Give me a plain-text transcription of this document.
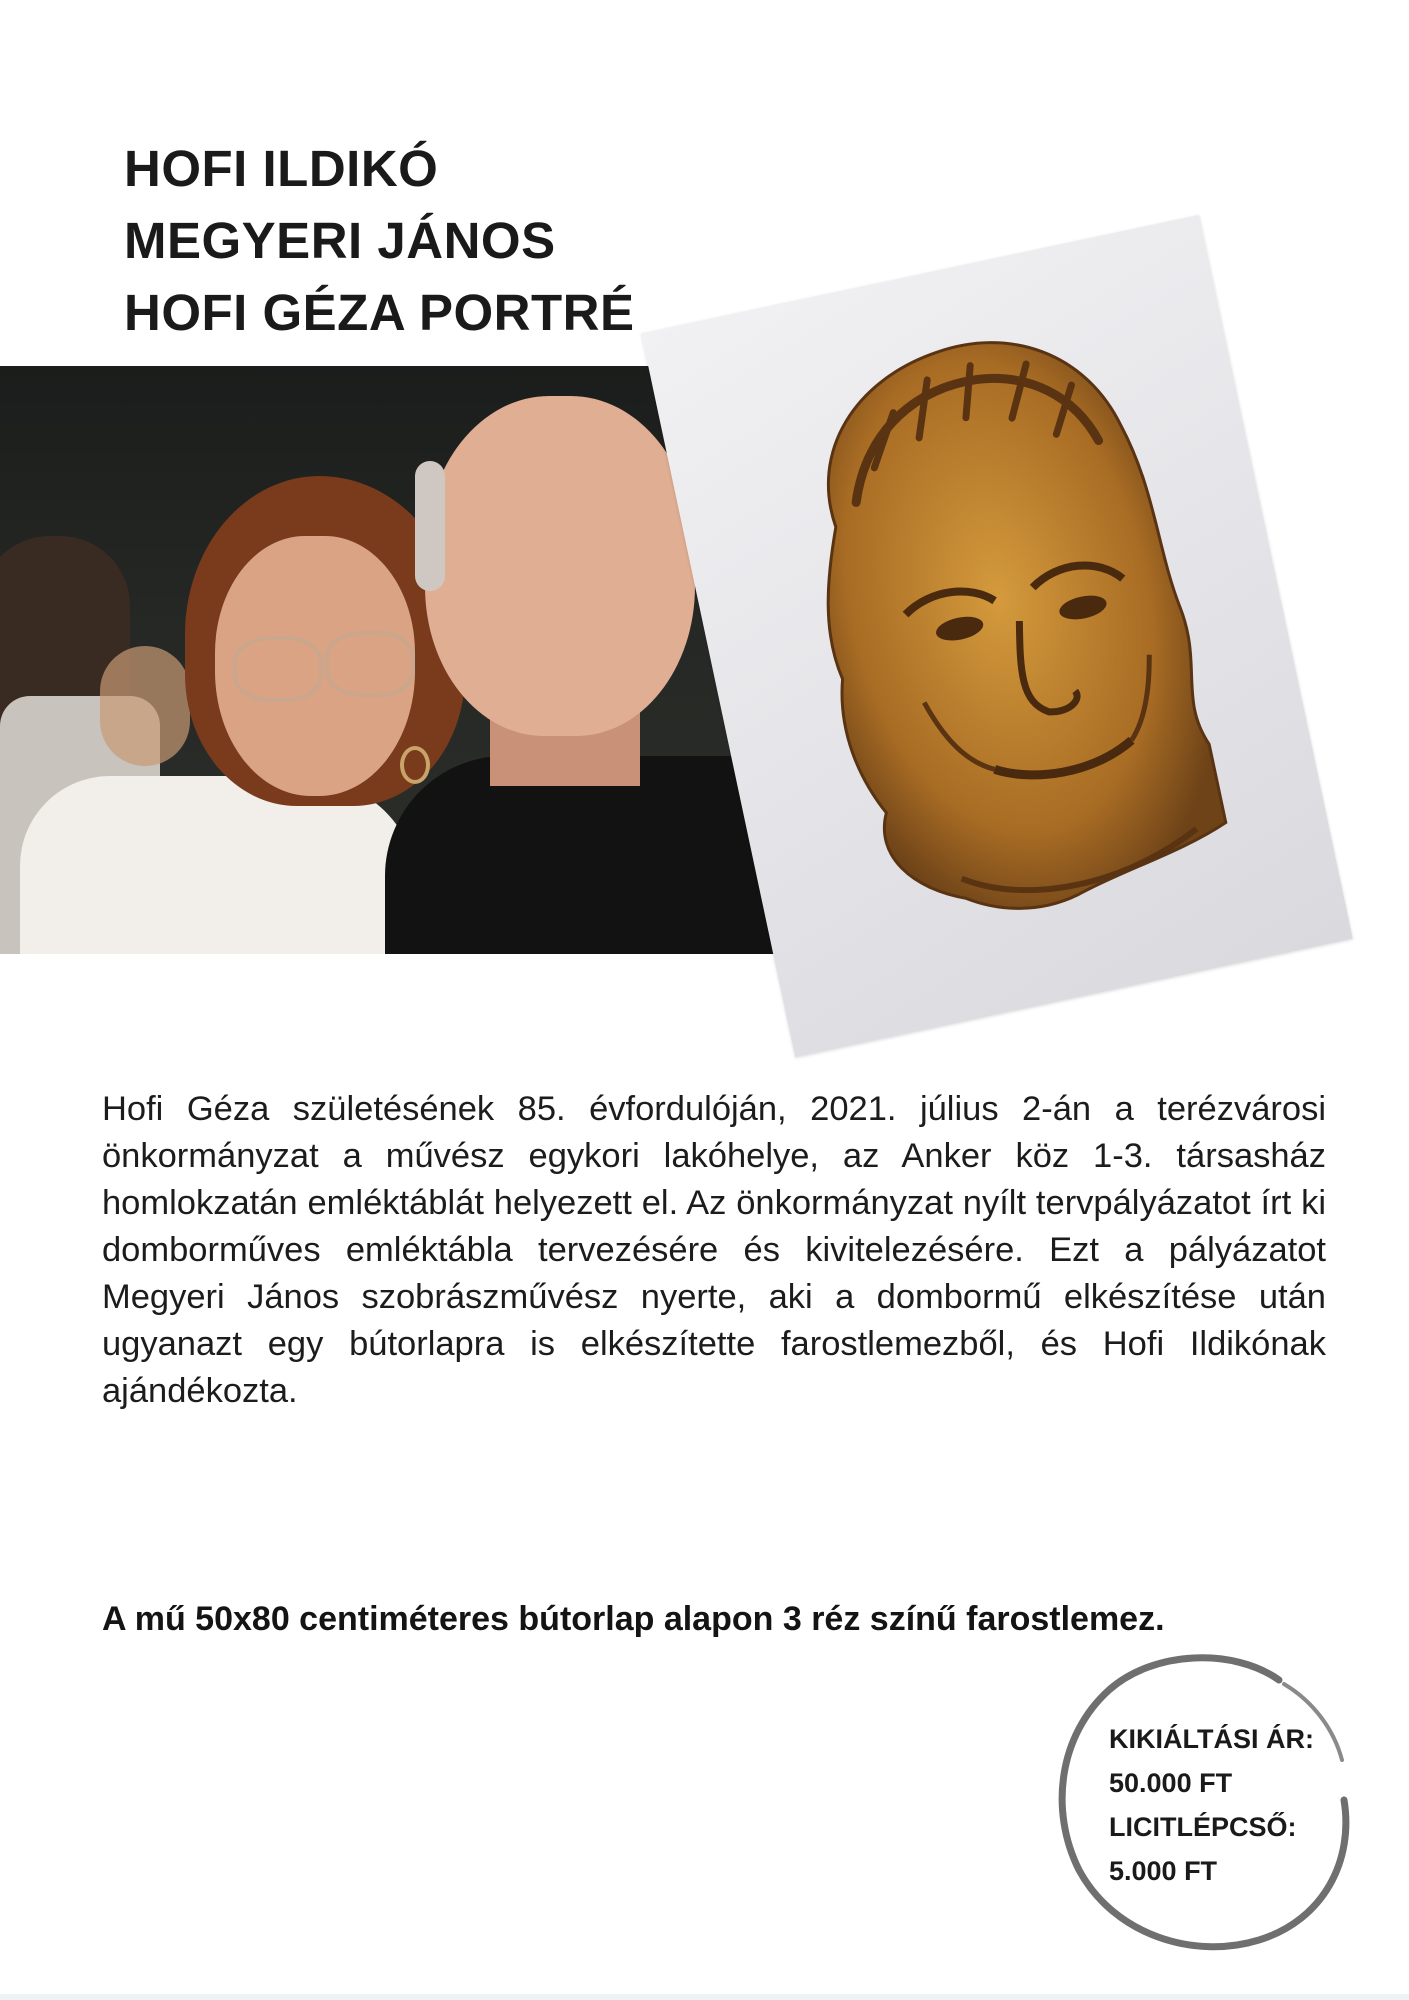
HOFI ILDIKÓ
MEGYERI JÁNOS
HOFI GÉZA PORTRÉ

Hofi Géza születésének 85. évfordulóján, 2021. július 2-án a terézvárosi önkormányzat a művész egykori lakóhelye, az Anker köz 1-3. társasház homlokzatán emléktáblát helyezett el. Az önkormányzat nyílt tervpályázatot írt ki domborműves emléktábla tervezésére és kivitelezésére. Ezt a pályázatot Megyeri János szobrászművész nyerte, aki a dombormű elkészítése után ugyanazt egy bútorlapra is elkészítette farostlemezből, és Hofi Ildikónak ajándékozta.

A mű 50x80 centiméteres bútorlap alapon 3 réz színű farostlemez.

KIKIÁLTÁSI ÁR:
50.000 FT
LICITLÉPCSŐ:
5.000 FT
